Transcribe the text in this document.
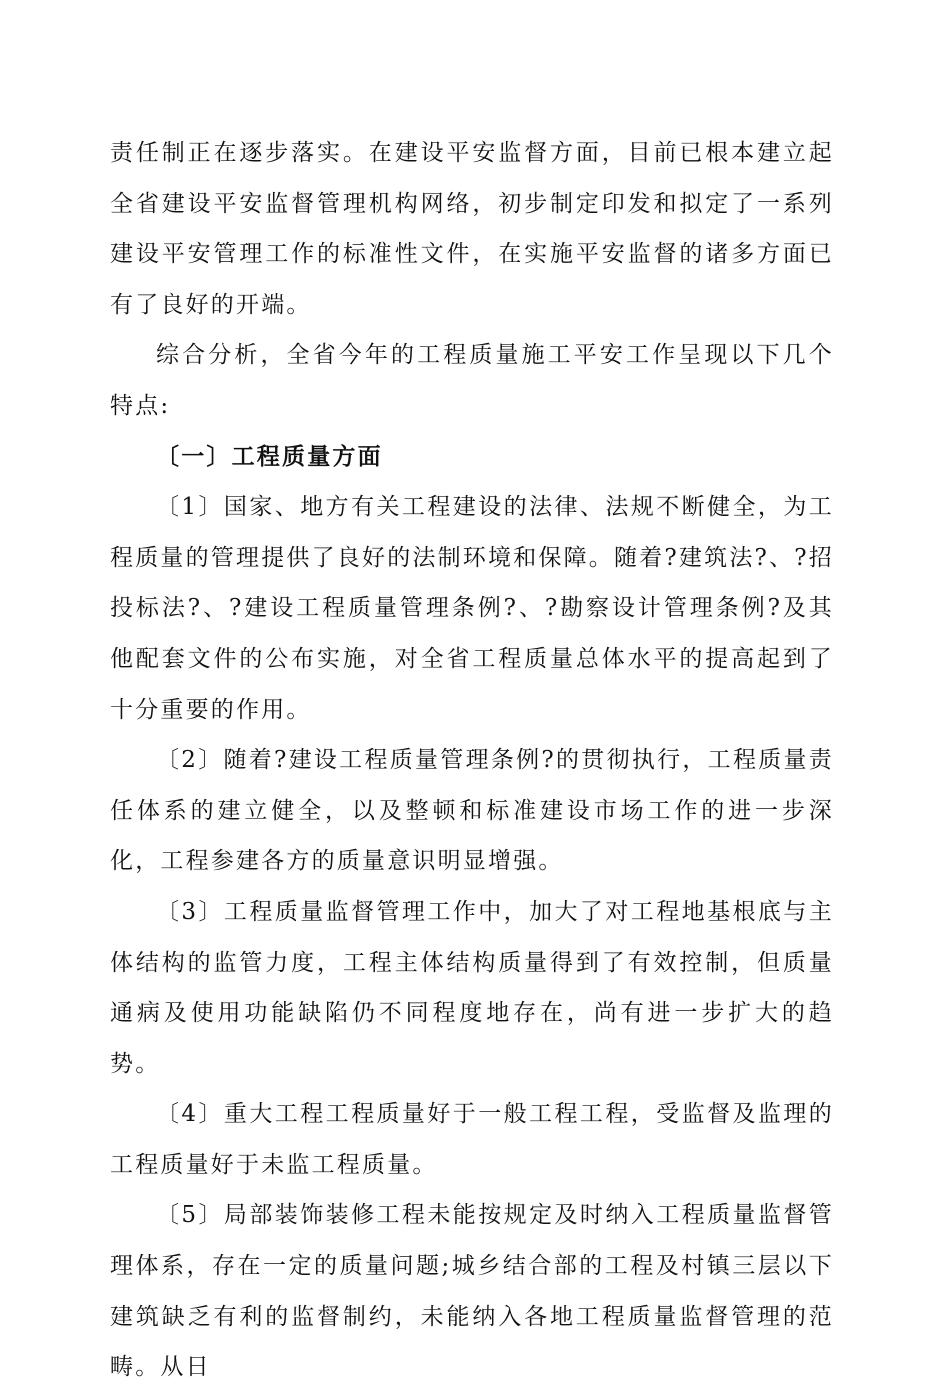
责任制正在逐步落实。在建设平安监督方面，目前已根本建立起全省建设平安监督管理机构网络，初步制定印发和拟定了一系列建设平安管理工作的标准性文件，在实施平安监督的诸多方面已有了良好的开端。

综合分析，全省今年的工程质量施工平安工作呈现以下几个特点:

〔一〕工程质量方面

〔1〕国家、地方有关工程建设的法律、法规不断健全，为工程质量的管理提供了良好的法制环境和保障。随着?建筑法?、?招投标法?、?建设工程质量管理条例?、?勘察设计管理条例?及其他配套文件的公布实施，对全省工程质量总体水平的提高起到了十分重要的作用。

〔2〕随着?建设工程质量管理条例?的贯彻执行，工程质量责任体系的建立健全，以及整顿和标准建设市场工作的进一步深化，工程参建各方的质量意识明显增强。

〔3〕工程质量监督管理工作中，加大了对工程地基根底与主体结构的监管力度，工程主体结构质量得到了有效控制，但质量通病及使用功能缺陷仍不同程度地存在，尚有进一步扩大的趋势。

〔4〕重大工程工程质量好于一般工程工程，受监督及监理的工程质量好于未监工程质量。

〔5〕局部装饰装修工程未能按规定及时纳入工程质量监督管理体系，存在一定的质量问题;城乡结合部的工程及村镇三层以下建筑缺乏有利的监督制约，未能纳入各地工程质量监督管理的范畴。从日
